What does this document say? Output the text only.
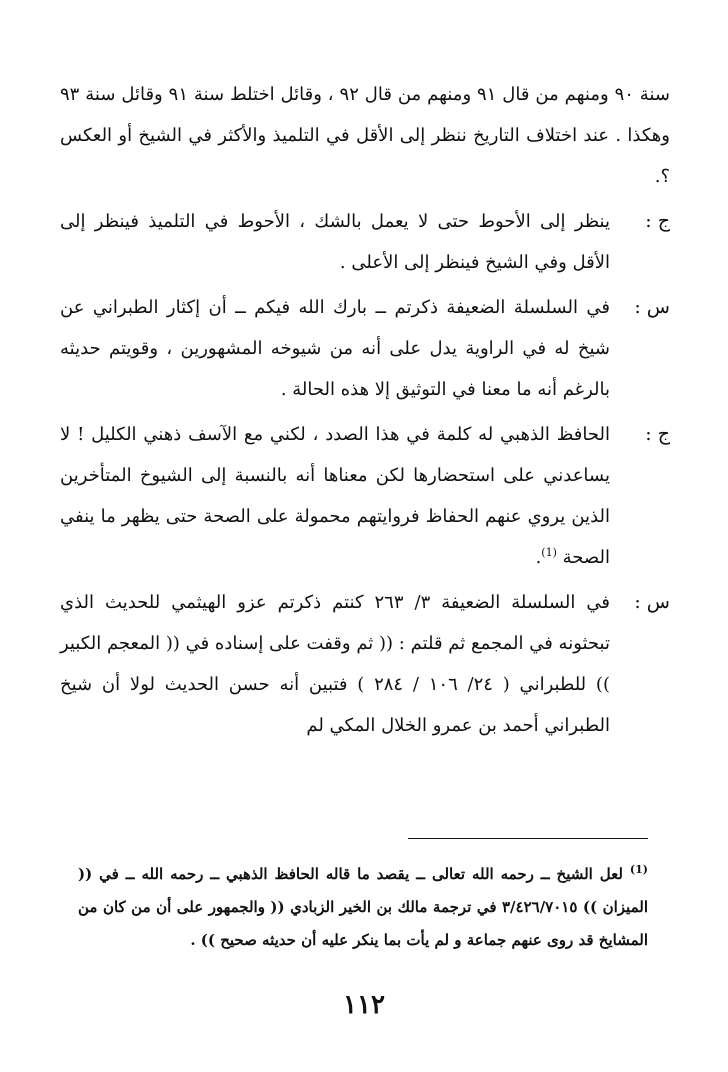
سنة ٩٠ ومنهم من قال ٩١ ومنهم من قال ٩٢ ، وقائل اختلط سنة ٩١ وقائل سنة ٩٣ وهكذا . عند اختلاف التاريخ ننظر إلى الأقل في التلميذ والأكثر في الشيخ أو العكس ؟.

ج :

ينظر إلى الأحوط حتى لا يعمل بالشك ، الأحوط في التلميذ فينظر إلى الأقل وفي الشيخ فينظر إلى الأعلى .

س :

في السلسلة الضعيفة ذكرتم ــ بارك الله فيكم ــ أن إكثار الطبراني عن شيخ له في الراوية يدل على أنه من شيوخه المشهورين ، وقويتم حديثه بالرغم أنه ما معنا في التوثيق إلا هذه الحالة .

ج :

الحافظ الذهبي له كلمة في هذا الصدد ، لكني مع الآسف ذهني الكليل ! لا يساعدني على استحضارها لكن معناها أنه بالنسبة إلى الشيوخ المتأخرين الذين يروي عنهم الحفاظ فروايتهم محمولة على الصحة حتى يظهر ما ينفي الصحة $^{(1)}$.

س :

في السلسلة الضعيفة ٣/ ٢٦٣ كنتم ذكرتم عزو الهيثمي للحديث الذي تبحثونه في المجمع ثم قلتم : (( ثم وقفت على إسناده في (( المعجم الكبير )) للطبراني ( ٢٤/ ١٠٦ / ٢٨٤ ) فتبين أنه حسن الحديث لولا أن شيخ الطبراني أحمد بن عمرو الخلال المكي لم

$^{(1)}$ لعل الشيخ ــ رحمه الله تعالى ــ يقصد ما قاله الحافظ الذهبي ــ رحمه الله ــ في (( الميزان )) ٣/٤٢٦/٧٠١٥ في ترجمة مالك بن الخير الزبادي (( والجمهور على أن من كان من المشايخ قد روى عنهم جماعة و لم يأت بما ينكر عليه أن حديثه صحيح )) .
١١٢
